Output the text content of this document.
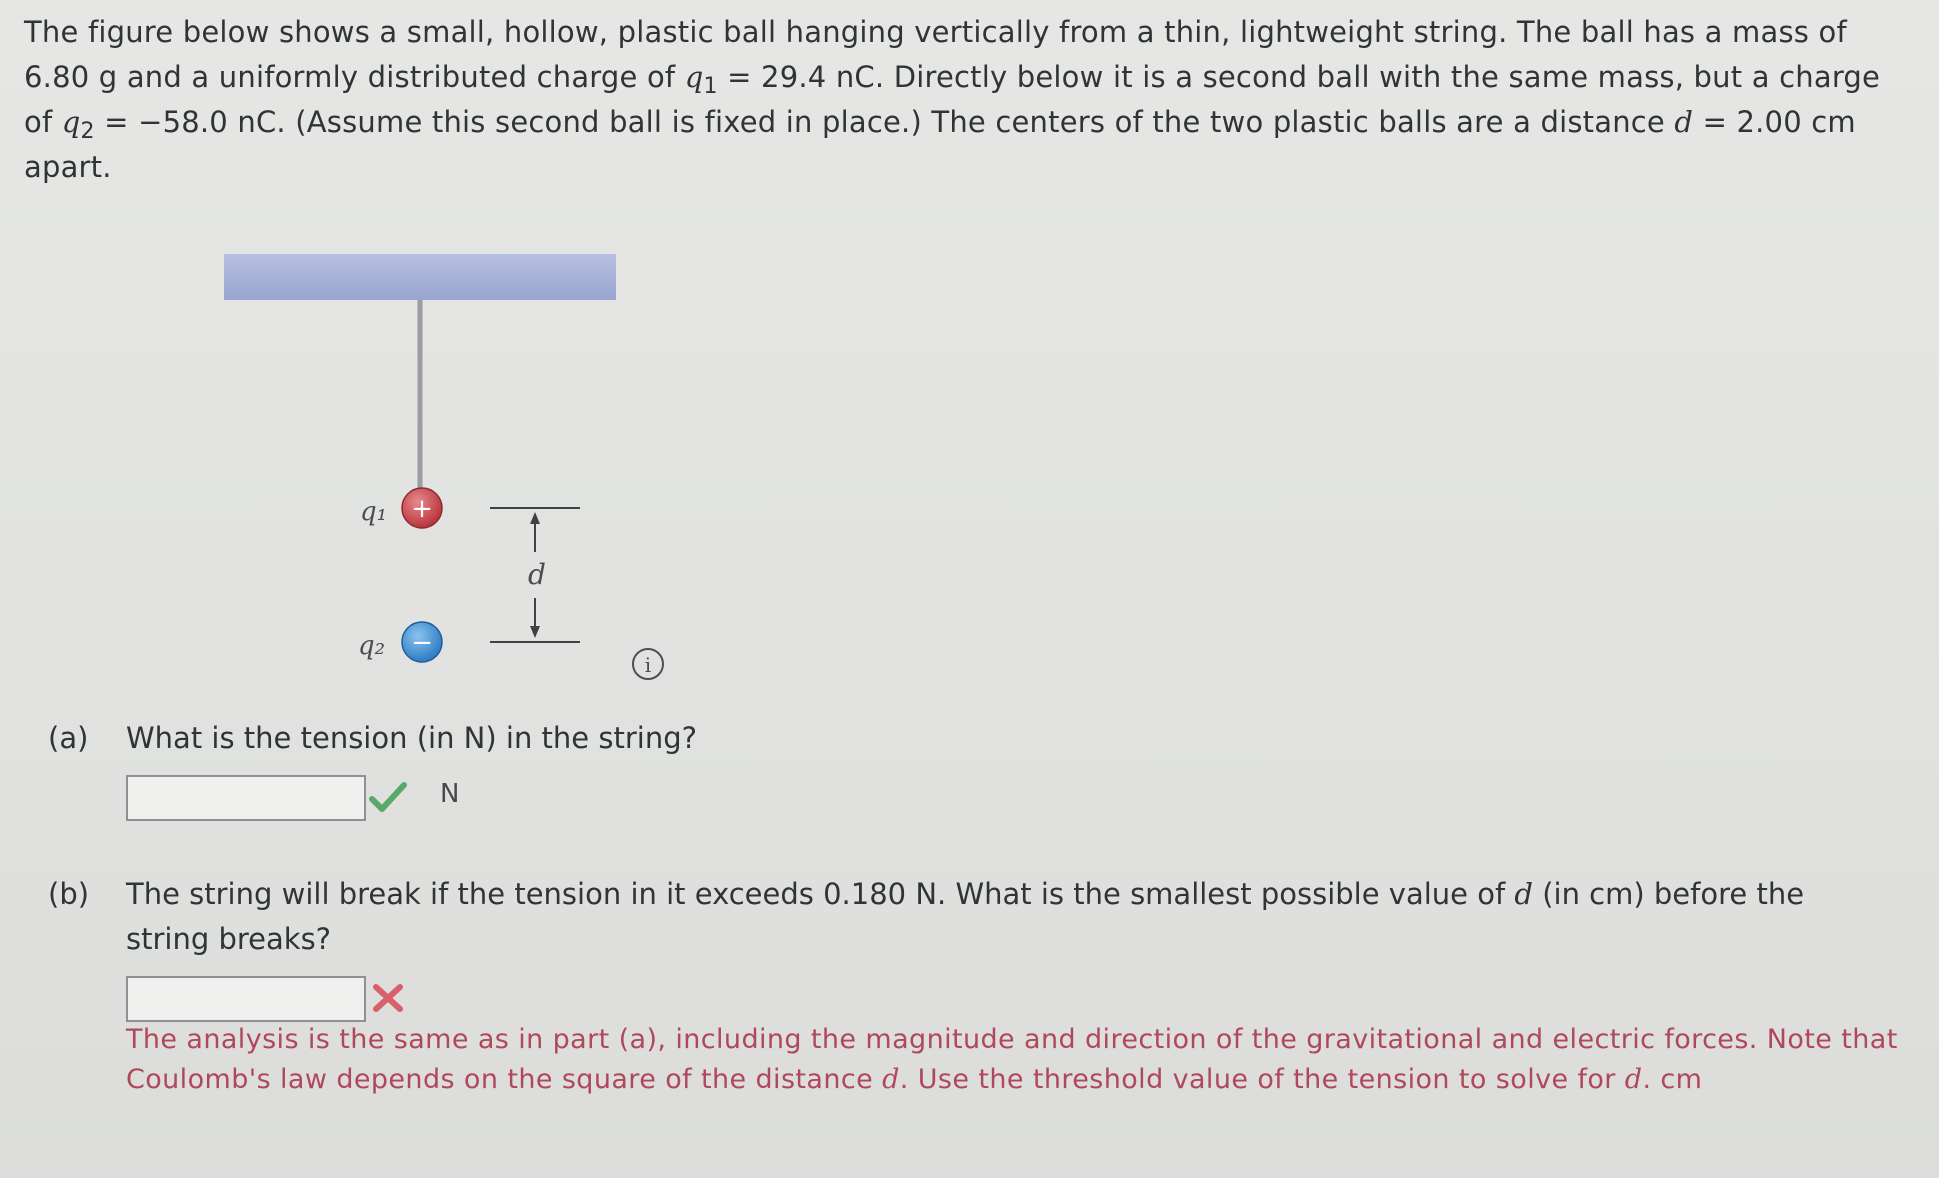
The figure below shows a small, hollow, plastic ball hanging vertically from a thin, lightweight string. The ball has a mass of 6.80 g and a uniformly distributed charge of $q_1 = 29.4$ nC. Directly below it is a second ball with the same mass, but a charge of $q_2 = -58.0$ nC. (Assume this second ball is fixed in place.) The centers of the two plastic balls are a distance d = 2.00 cm apart.
+
−
q₁
q₂
d
i
(a) What is the tension (in N) in the string?
N
(b) The string will break if the tension in it exceeds 0.180 N. What is the smallest possible value of d (in cm) before the string breaks?
The analysis is the same as in part (a), including the magnitude and direction of the gravitational and electric forces. Note that Coulomb's law depends on the square of the distance d. Use the threshold value of the tension to solve for d. cm
